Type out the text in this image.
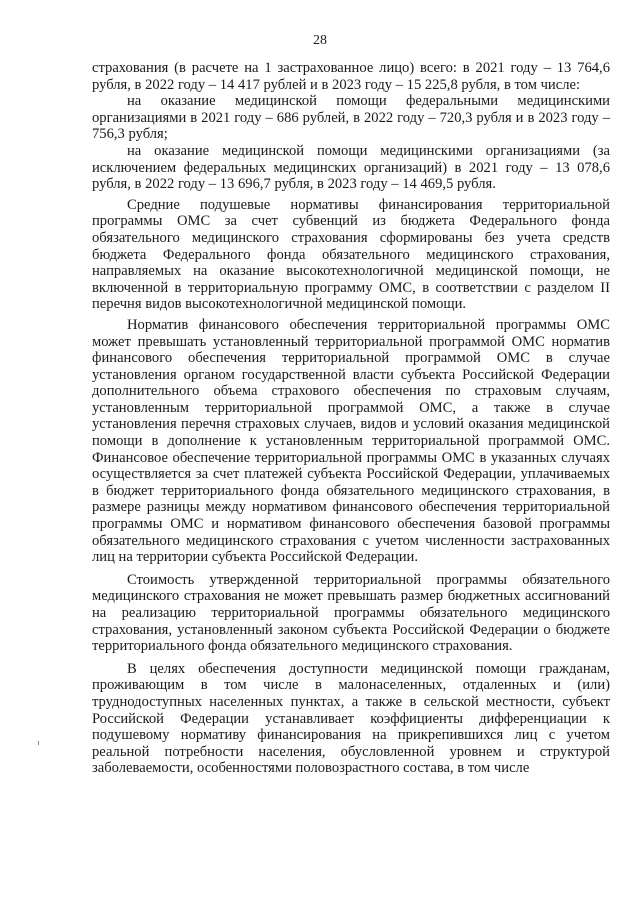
28

страхования (в расчете на 1 застрахованное лицо) всего: в 2021 году – 13 764,6 рубля, в 2022 году – 14 417 рублей и в 2023 году – 15 225,8 рубля, в том числе:

на оказание медицинской помощи федеральными медицинскими организациями в 2021 году – 686 рублей, в 2022 году – 720,3 рубля и в 2023 году – 756,3 рубля;

на оказание медицинской помощи медицинскими организациями (за исключением федеральных медицинских организаций) в 2021 году – 13 078,6 рубля, в 2022 году – 13 696,7 рубля, в 2023 году – 14 469,5 рубля.

Средние подушевые нормативы финансирования территориальной программы ОМС за счет субвенций из бюджета Федерального фонда обязательного медицинского страхования сформированы без учета средств бюджета Федерального фонда обязательного медицинского страхования, направляемых на оказание высокотехнологичной медицинской помощи, не включенной в территориальную программу ОМС, в соответствии с разделом II перечня видов высокотехнологичной медицинской помощи.

Норматив финансового обеспечения территориальной программы ОМС может превышать установленный территориальной программой ОМС норматив финансового обеспечения территориальной программой ОМС в случае установления органом государственной власти субъекта Российской Федерации дополнительного объема страхового обеспечения по страховым случаям, установленным территориальной программой ОМС, а также в случае установления перечня страховых случаев, видов и условий оказания медицинской помощи в дополнение к установленным территориальной программой ОМС. Финансовое обеспечение территориальной программы ОМС в указанных случаях осуществляется за счет платежей субъекта Российской Федерации, уплачиваемых в бюджет территориального фонда обязательного медицинского страхования, в размере разницы между нормативом финансового обеспечения территориальной программы ОМС и нормативом финансового обеспечения базовой программы обязательного медицинского страхования с учетом численности застрахованных лиц на территории субъекта Российской Федерации.

Стоимость утвержденной территориальной программы обязательного медицинского страхования не может превышать размер бюджетных ассигнований на реализацию территориальной программы обязательного медицинского страхования, установленный законом субъекта Российской Федерации о бюджете территориального фонда обязательного медицинского страхования.

В целях обеспечения доступности медицинской помощи гражданам, проживающим в том числе в малонаселенных, отдаленных и (или) труднодоступных населенных пунктах, а также в сельской местности, субъект Российской Федерации устанавливает коэффициенты дифференциации к подушевому нормативу финансирования на прикрепившихся лиц с учетом реальной потребности населения, обусловленной уровнем и структурой заболеваемости, особенностями половозрастного состава, в том числе
